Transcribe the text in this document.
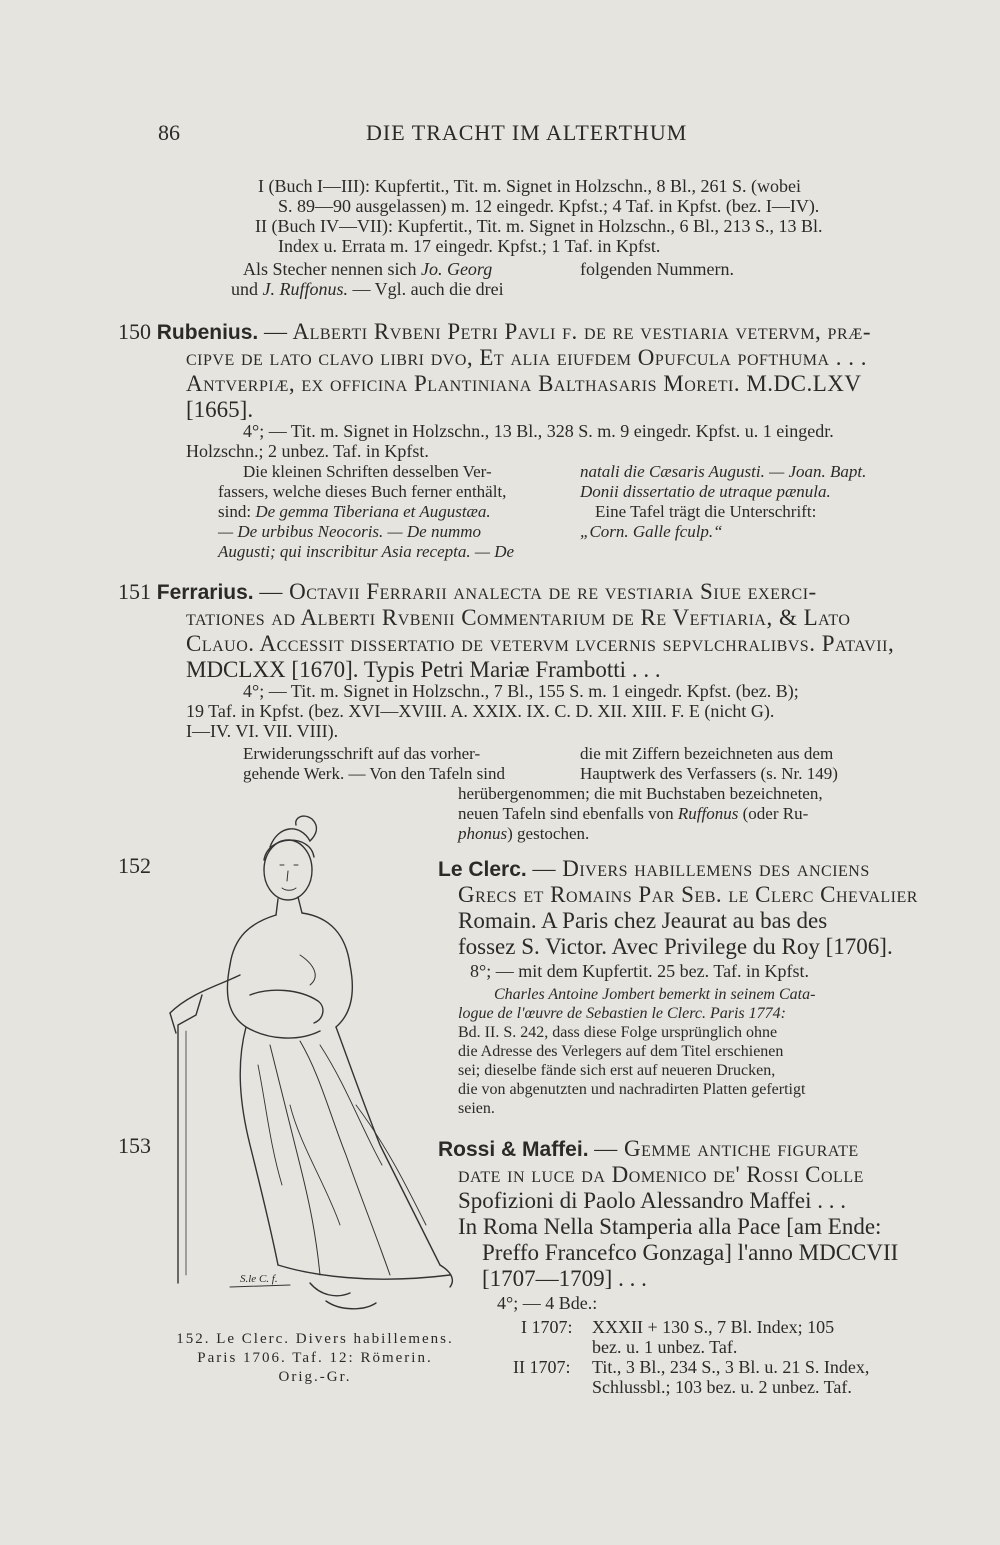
86	DIE TRACHT IM ALTERTHUM
I (Buch I—III): Kupfertit., Tit. m. Signet in Holzschn., 8 Bl., 261 S. (wobei
S. 89—90 ausgelassen) m. 12 eingedr. Kpfst.; 4 Taf. in Kpfst. (bez. I—IV).
II (Buch IV—VII): Kupfertit., Tit. m. Signet in Holzschn., 6 Bl., 213 S., 13 Bl.
Index u. Errata m. 17 eingedr. Kpfst.; 1 Taf. in Kpfst.
Als Stecher nennen sich Jo. Georg
und J. Ruffonus. — Vgl. auch die drei
folgenden Nummern.
150 Rubenius. — Alberti Rvbeni Petri Pavli f. de re vestiaria vetervm, præ-
cipve de lato clavo libri dvo, Et alia eiufdem Opufcula pofthuma . . .
Antverpiæ, ex officina Plantiniana Balthasaris Moreti. M.DC.LXV
[1665].
4°; — Tit. m. Signet in Holzschn., 13 Bl., 328 S. m. 9 eingedr. Kpfst. u. 1 eingedr.
Holzschn.; 2 unbez. Taf. in Kpfst.
Die kleinen Schriften desselben Ver-
fassers, welche dieses Buch ferner enthält,
sind: De gemma Tiberiana et Augustæa.
— De urbibus Neocoris. — De nummo
Augusti; qui inscribitur Asia recepta. — De
natali die Cæsaris Augusti. — Joan. Bapt.
Donii dissertatio de utraque pænula.
Eine Tafel trägt die Unterschrift:
„Corn. Galle fculp.“
151 Ferrarius. — Octavii Ferrarii analecta de re vestiaria Siue exerci-
tationes ad Alberti Rvbenii Commentarium de Re Veftiaria, & Lato
Clauo. Accessit dissertatio de vetervm lvcernis sepvlchralibvs. Patavii,
MDCLXX [1670]. Typis Petri Mariæ Frambotti . . .
4°; — Tit. m. Signet in Holzschn., 7 Bl., 155 S. m. 1 eingedr. Kpfst. (bez. B);
19 Taf. in Kpfst. (bez. XVI—XVIII. A. XXIX. IX. C. D. XII. XIII. F. E (nicht G).
I—IV. VI. VII. VIII).
Erwiderungsschrift auf das vorher-
gehende Werk. — Von den Tafeln sind
die mit Ziffern bezeichneten aus dem
Hauptwerk des Verfassers (s. Nr. 149)
herübergenommen; die mit Buchstaben bezeichneten,
neuen Tafeln sind ebenfalls von Ruffonus (oder Ru-
phonus) gestochen.
S.le C. f.
152. Le Clerc. Divers habillemens.
Paris 1706. Taf. 12: Römerin.
Orig.-Gr.
152	Le Clerc. — Divers habillemens des anciens
Grecs et Romains Par Seb. le Clerc Chevalier
Romain. A Paris chez Jeaurat au bas des
fossez S. Victor. Avec Privilege du Roy [1706].
8°; — mit dem Kupfertit. 25 bez. Taf. in Kpfst.
Charles Antoine Jombert bemerkt in seinem Cata-
logue de l'œuvre de Sebastien le Clerc. Paris 1774:
Bd. II. S. 242, dass diese Folge ursprünglich ohne
die Adresse des Verlegers auf dem Titel erschienen
sei; dieselbe fände sich erst auf neueren Drucken,
die von abgenutzten und nachradirten Platten gefertigt
seien.
153	Rossi & Maffei. — Gemme antiche figurate
date in luce da Domenico de' Rossi Colle
Spofizioni di Paolo Alessandro Maffei . . .
In Roma Nella Stamperia alla Pace [am Ende:
Preffo Francefco Gonzaga] l'anno MDCCVII
[1707—1709] . . .
4°; — 4 Bde.:
I 1707: XXXII + 130 S., 7 Bl. Index; 105
bez. u. 1 unbez. Taf.
II 1707: Tit., 3 Bl., 234 S., 3 Bl. u. 21 S. Index,
Schlussbl.; 103 bez. u. 2 unbez. Taf.
